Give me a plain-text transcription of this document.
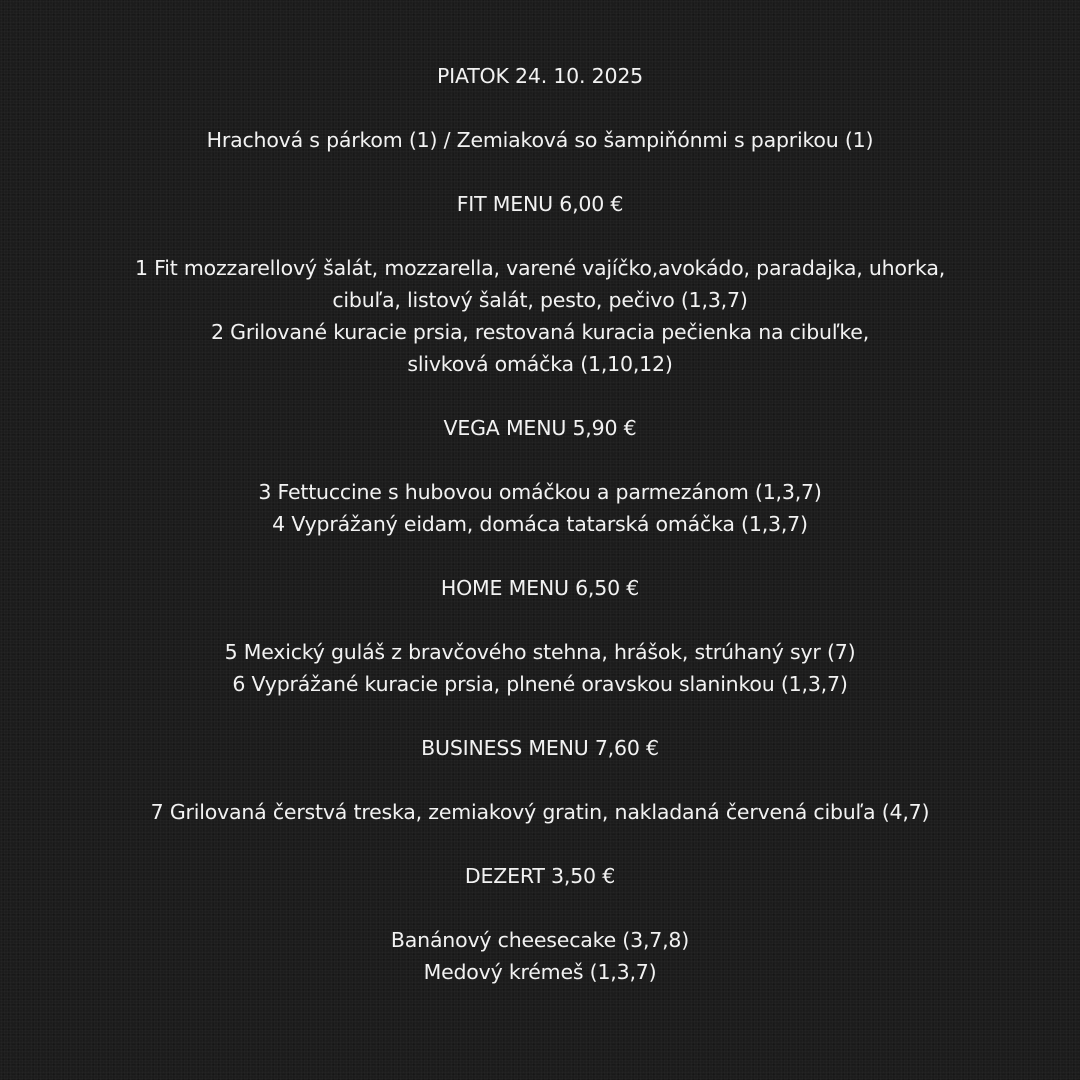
PIATOK 24. 10. 2025
Hrachová s párkom (1) / Zemiaková so šampiňónmi s paprikou (1)
FIT MENU 6,00 €
1 Fit mozzarellový šalát, mozzarella, varené vajíčko,avokádo, paradajka, uhorka,
cibuľa, listový šalát, pesto, pečivo (1,3,7)
2 Grilované kuracie prsia, restovaná kuracia pečienka na cibuľke,
slivková omáčka (1,10,12)
VEGA MENU 5,90 €
3 Fettuccine s hubovou omáčkou a parmezánom (1,3,7)
4 Vyprážaný eidam, domáca tatarská omáčka (1,3,7)
HOME MENU 6,50 €
5 Mexický guláš z bravčového stehna, hrášok, strúhaný syr (7)
6 Vyprážané kuracie prsia, plnené oravskou slaninkou (1,3,7)
BUSINESS MENU 7,60 €
7 Grilovaná čerstvá treska, zemiakový gratin, nakladaná červená cibuľa (4,7)
DEZERT 3,50 €
Banánový cheesecake (3,7,8)
Medový krémeš (1,3,7)
